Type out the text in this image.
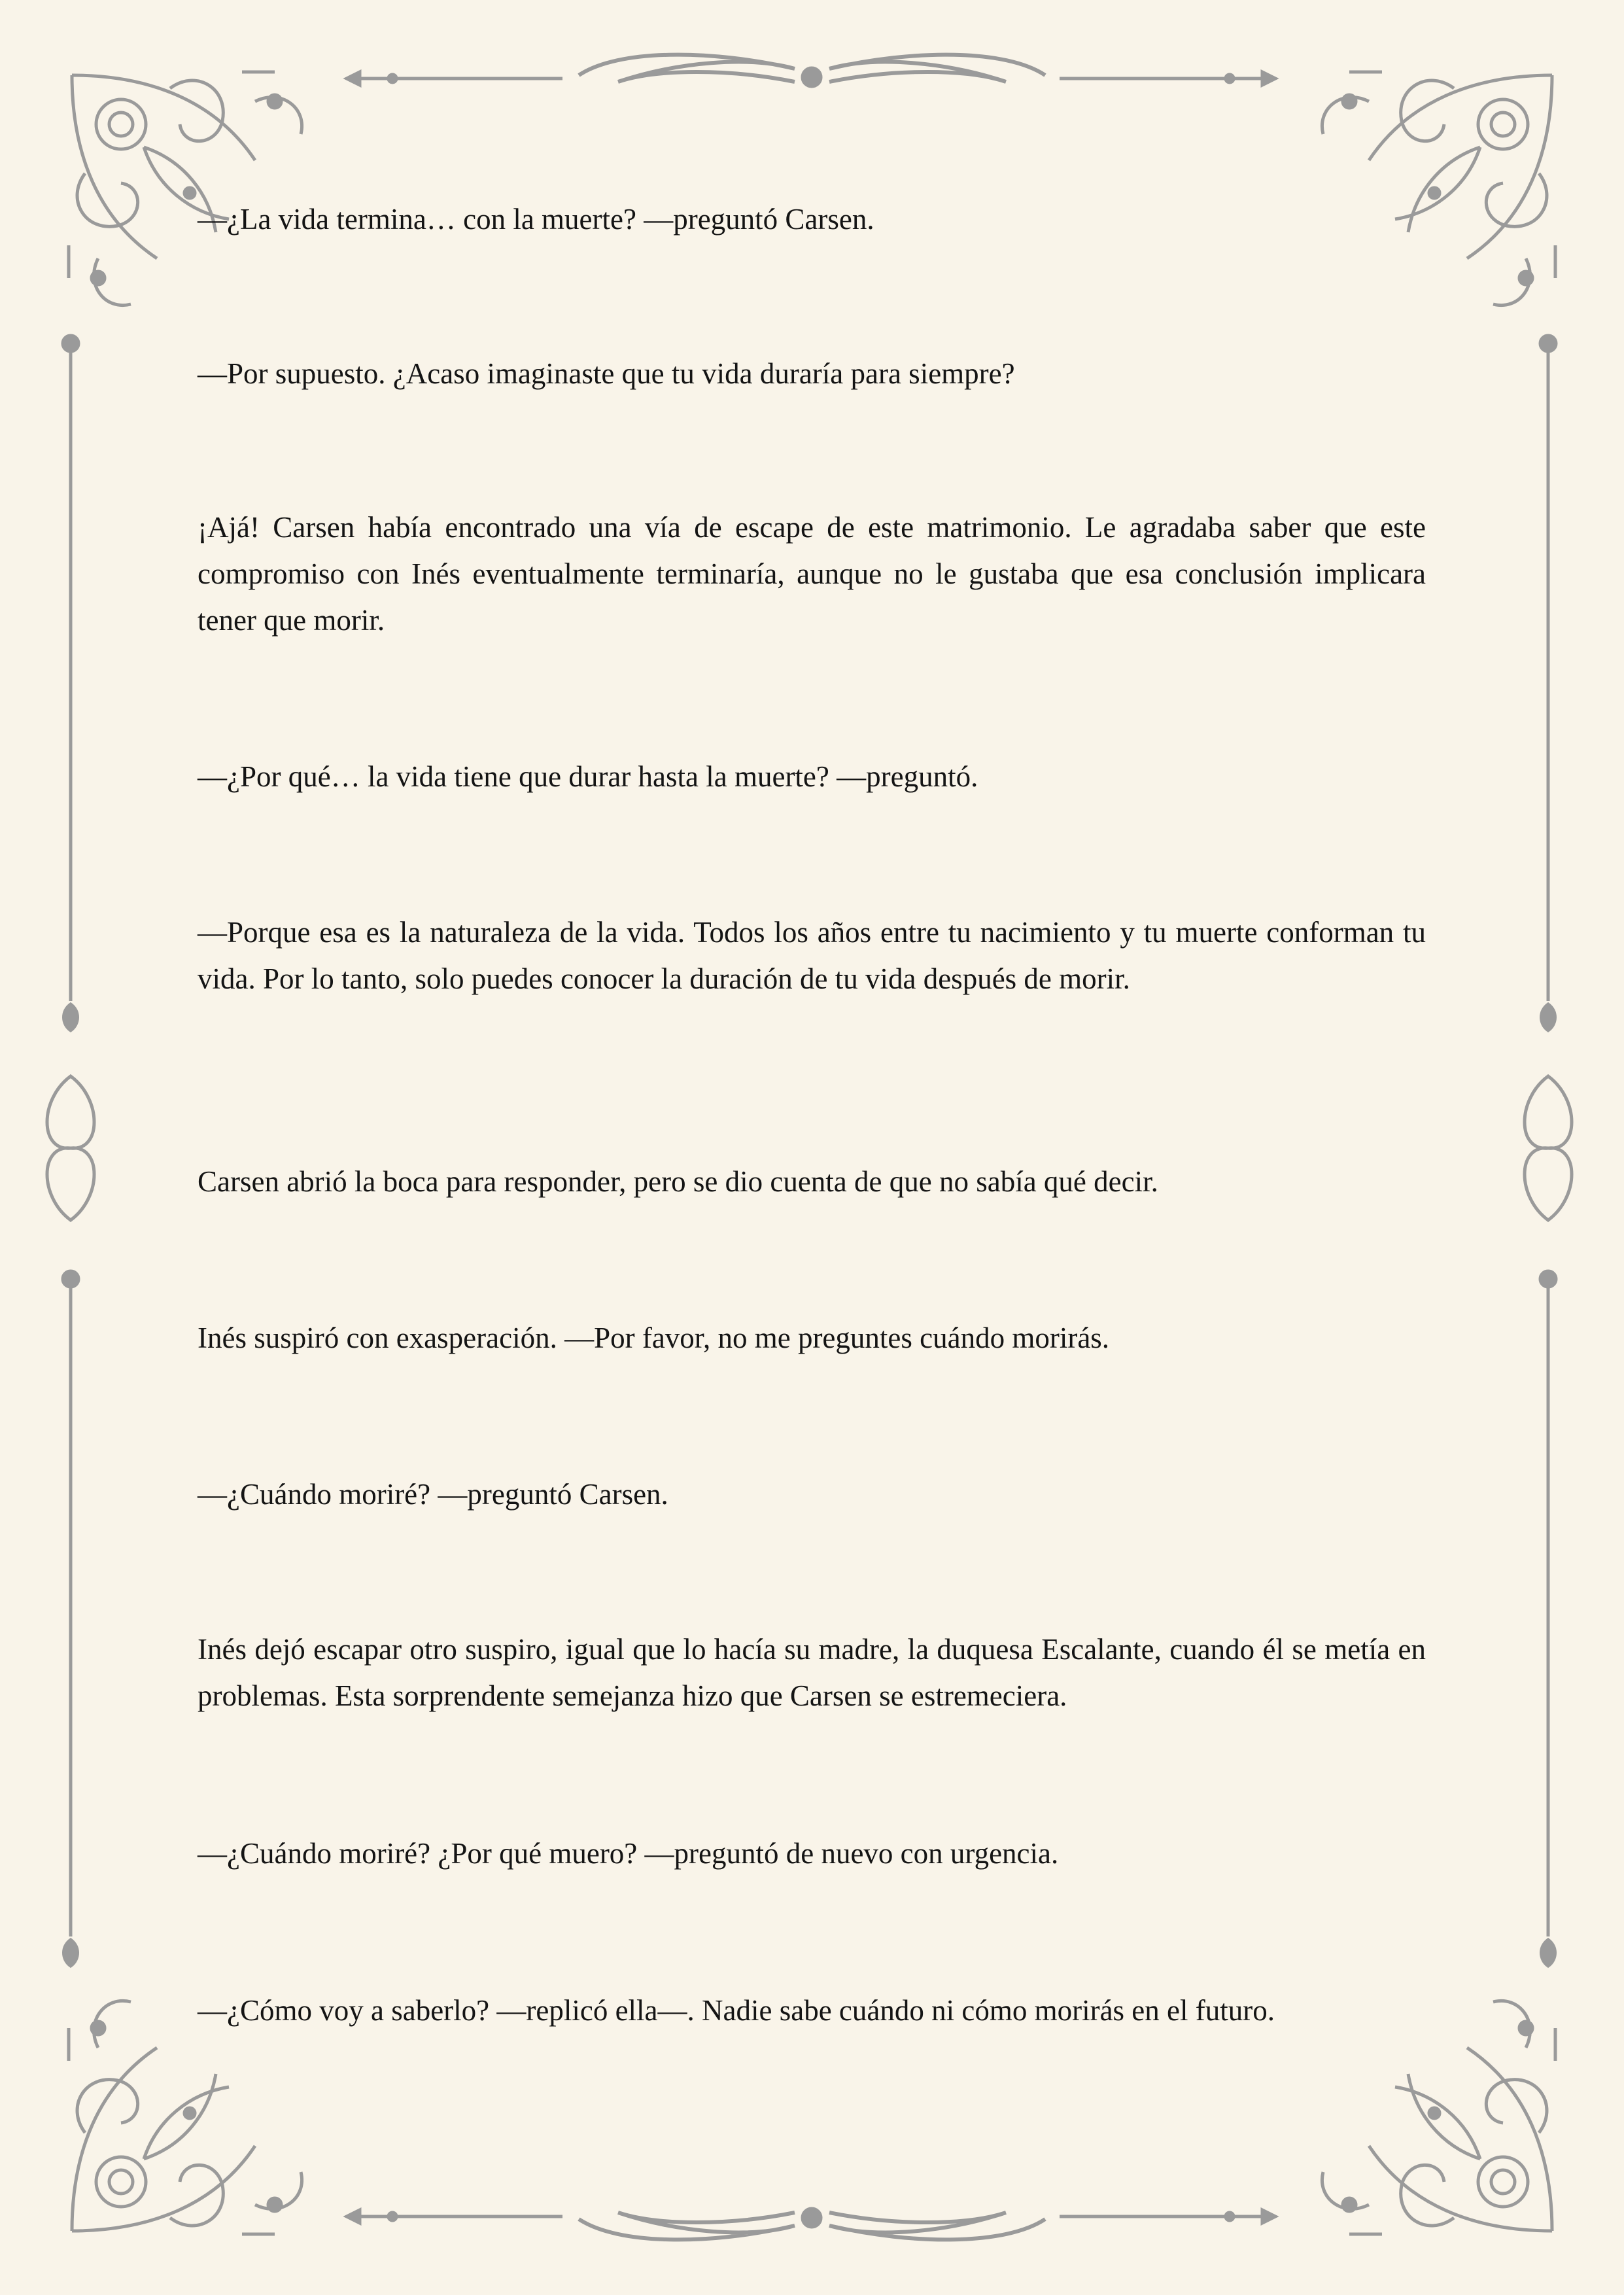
—¿La vida termina… con la muerte? —preguntó Carsen.

—Por supuesto. ¿Acaso imaginaste que tu vida duraría para siempre?

¡Ajá! Carsen había encontrado una vía de escape de este matrimonio. Le agradaba saber que este compromiso con Inés eventualmente terminaría, aunque no le gustaba que esa conclusión implicara tener que morir.

—¿Por qué… la vida tiene que durar hasta la muerte? —preguntó.

—Porque esa es la naturaleza de la vida. Todos los años entre tu nacimiento y tu muerte conforman tu vida. Por lo tanto, solo puedes conocer la duración de tu vida después de morir.

Carsen abrió la boca para responder, pero se dio cuenta de que no sabía qué decir.

Inés suspiró con exasperación. —Por favor, no me preguntes cuándo morirás.

—¿Cuándo moriré? —preguntó Carsen.

Inés dejó escapar otro suspiro, igual que lo hacía su madre, la duquesa Escalante, cuando él se metía en problemas. Esta sorprendente semejanza hizo que Carsen se estremeciera.

—¿Cuándo moriré? ¿Por qué muero? —preguntó de nuevo con urgencia.

—¿Cómo voy a saberlo? —replicó ella—. Nadie sabe cuándo ni cómo morirás en el futuro.
